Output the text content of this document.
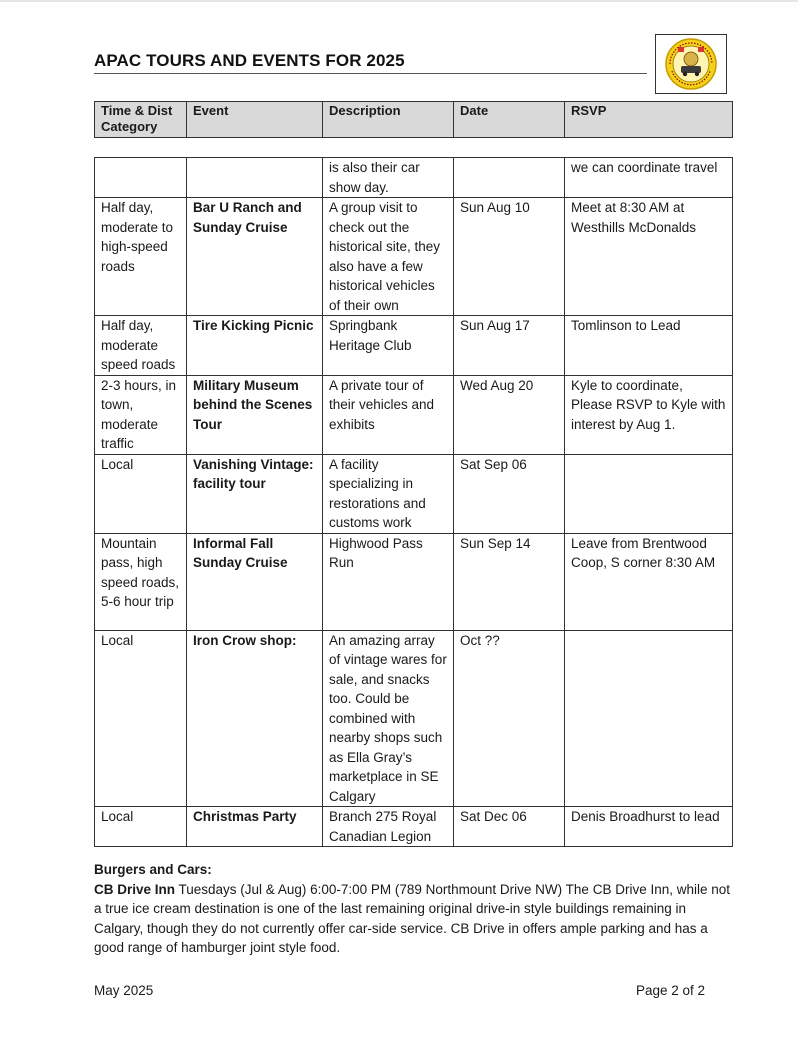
APAC TOURS AND EVENTS FOR 2025
Time & Dist Category	Event	Description	Date	RSVP
		is also their car show day.		we can coordinate travel
Half day, moderate to high-speed roads	Bar U Ranch and Sunday Cruise	A group visit to check out the historical site, they also have a few historical vehicles of their own	Sun Aug 10	Meet at 8:30 AM at Westhills McDonalds
Half day, moderate speed roads	Tire Kicking Picnic	Springbank Heritage Club	Sun Aug 17	Tomlinson to Lead
2-3 hours, in town, moderate traffic	Military Museum behind the Scenes Tour	A private tour of their vehicles and exhibits	Wed Aug 20	Kyle to coordinate, Please RSVP to Kyle with interest by Aug 1.
Local	Vanishing Vintage: facility tour	A facility specializing in restorations and customs work	Sat Sep 06	
Mountain pass, high speed roads, 5-6 hour trip	Informal Fall Sunday Cruise	Highwood Pass Run	Sun Sep 14	Leave from Brentwood Coop, S corner 8:30 AM
Local	Iron Crow shop:	An amazing array of vintage wares for sale, and snacks too. Could be combined with nearby shops such as Ella Gray’s marketplace in SE Calgary	Oct ??	
Local	Christmas Party	Branch 275 Royal Canadian Legion	Sat Dec 06	Denis Broadhurst to lead
Burgers and Cars:
CB Drive Inn Tuesdays (Jul & Aug) 6:00-7:00 PM (789 Northmount Drive NW) The CB Drive Inn, while not a true ice cream destination is one of the last remaining original drive-in style buildings remaining in Calgary, though they do not currently offer car-side service. CB Drive in offers ample parking and has a good range of hamburger joint style food.
May 2025	Page 2 of 2
